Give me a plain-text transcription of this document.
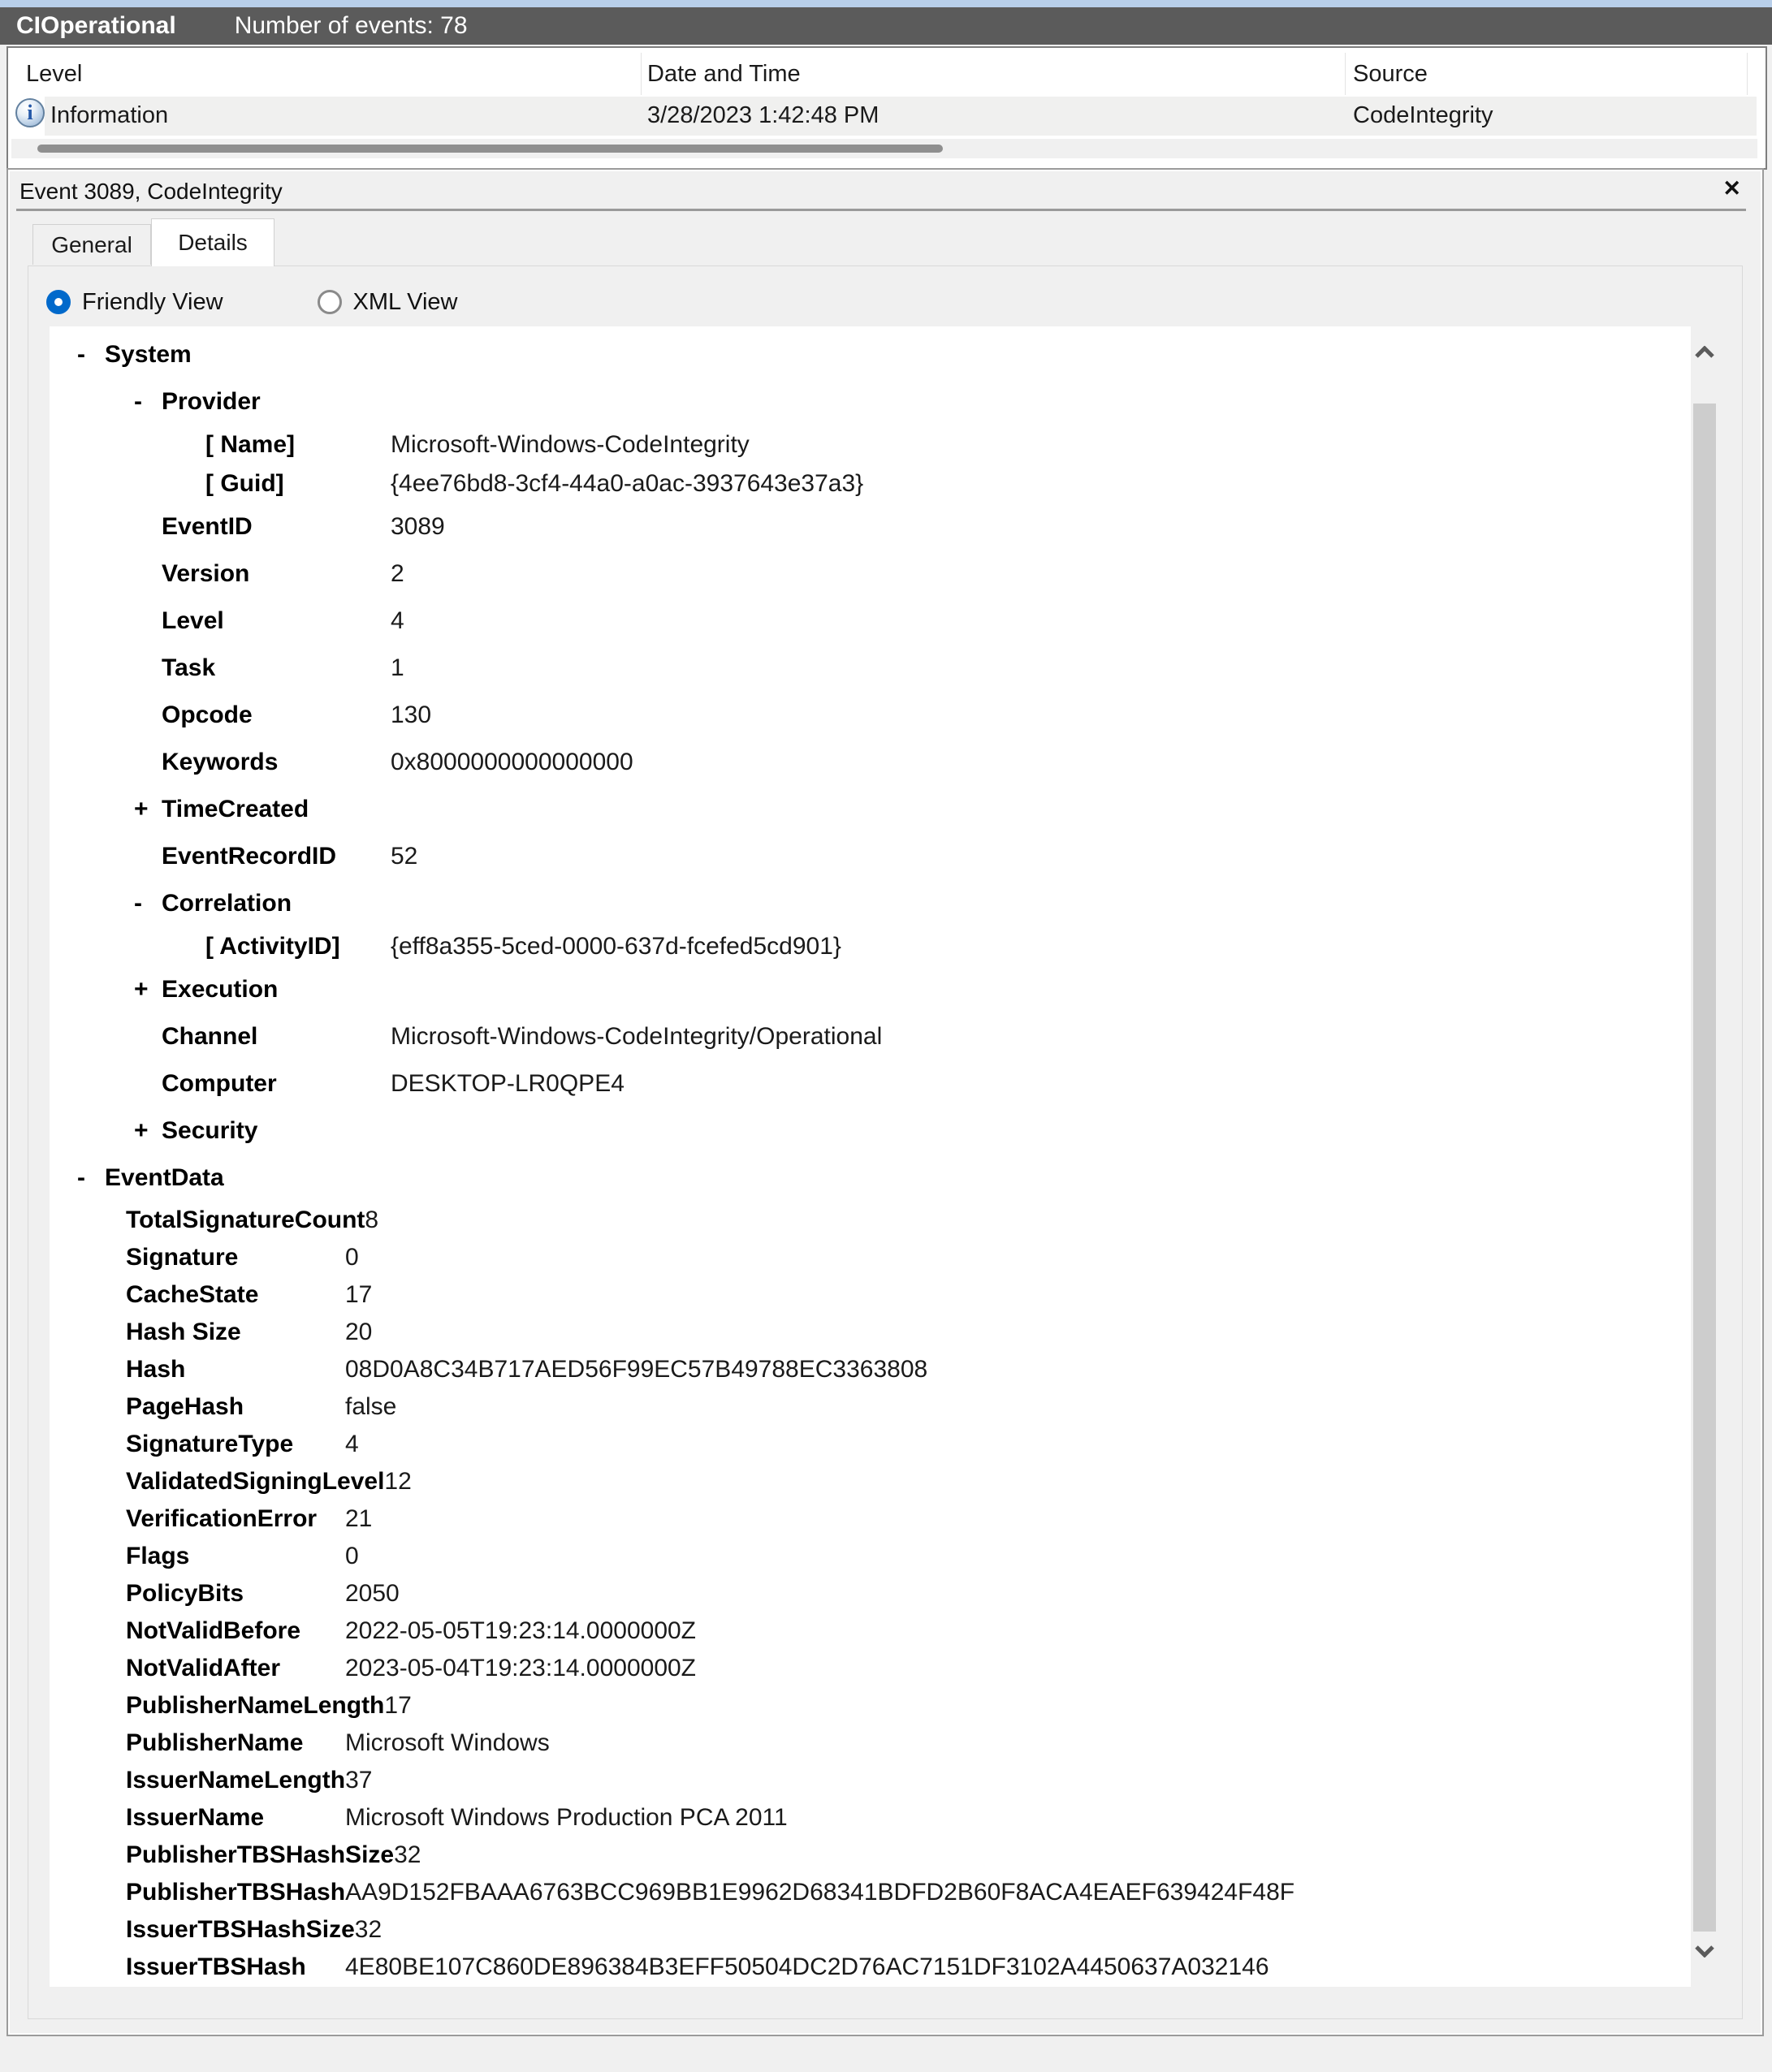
CIOperational Number of events: 78
Level	Date and Time	Source
i
Information	3/28/2023 1:42:48 PM	CodeIntegrity
Event 3089, CodeIntegrity	✕
General Details
Friendly View	XML View
- System
- Provider
[ Name]	Microsoft-Windows-CodeIntegrity
[ Guid]	{4ee76bd8-3cf4-44a0-a0ac-3937643e37a3}
EventID	3089
Version	2
Level	4
Task	1
Opcode	130
Keywords	0x8000000000000000
+ TimeCreated
EventRecordID	52
- Correlation
[ ActivityID]	{eff8a355-5ced-0000-637d-fcefed5cd901}
+ Execution
Channel	Microsoft-Windows-CodeIntegrity/Operational
Computer	DESKTOP-LR0QPE4
+ Security
- EventData
TotalSignatureCount 8
Signature	0
CacheState	17
Hash Size	20
Hash	08D0A8C34B717AED56F99EC57B49788EC3363808
PageHash	false
SignatureType	4
ValidatedSigningLevel 12
VerificationError	21
Flags	0
PolicyBits	2050
NotValidBefore	2022-05-05T19:23:14.0000000Z
NotValidAfter	2023-05-04T19:23:14.0000000Z
PublisherNameLength 17
PublisherName	Microsoft Windows
IssuerNameLength 37
IssuerName	Microsoft Windows Production PCA 2011
PublisherTBSHashSize 32
PublisherTBSHash AA9D152FBAAA6763BCC969BB1E9962D68341BDFD2B60F8ACA4EAEF639424F48F
IssuerTBSHashSize 32
IssuerTBSHash	4E80BE107C860DE896384B3EFF50504DC2D76AC7151DF3102A4450637A032146
